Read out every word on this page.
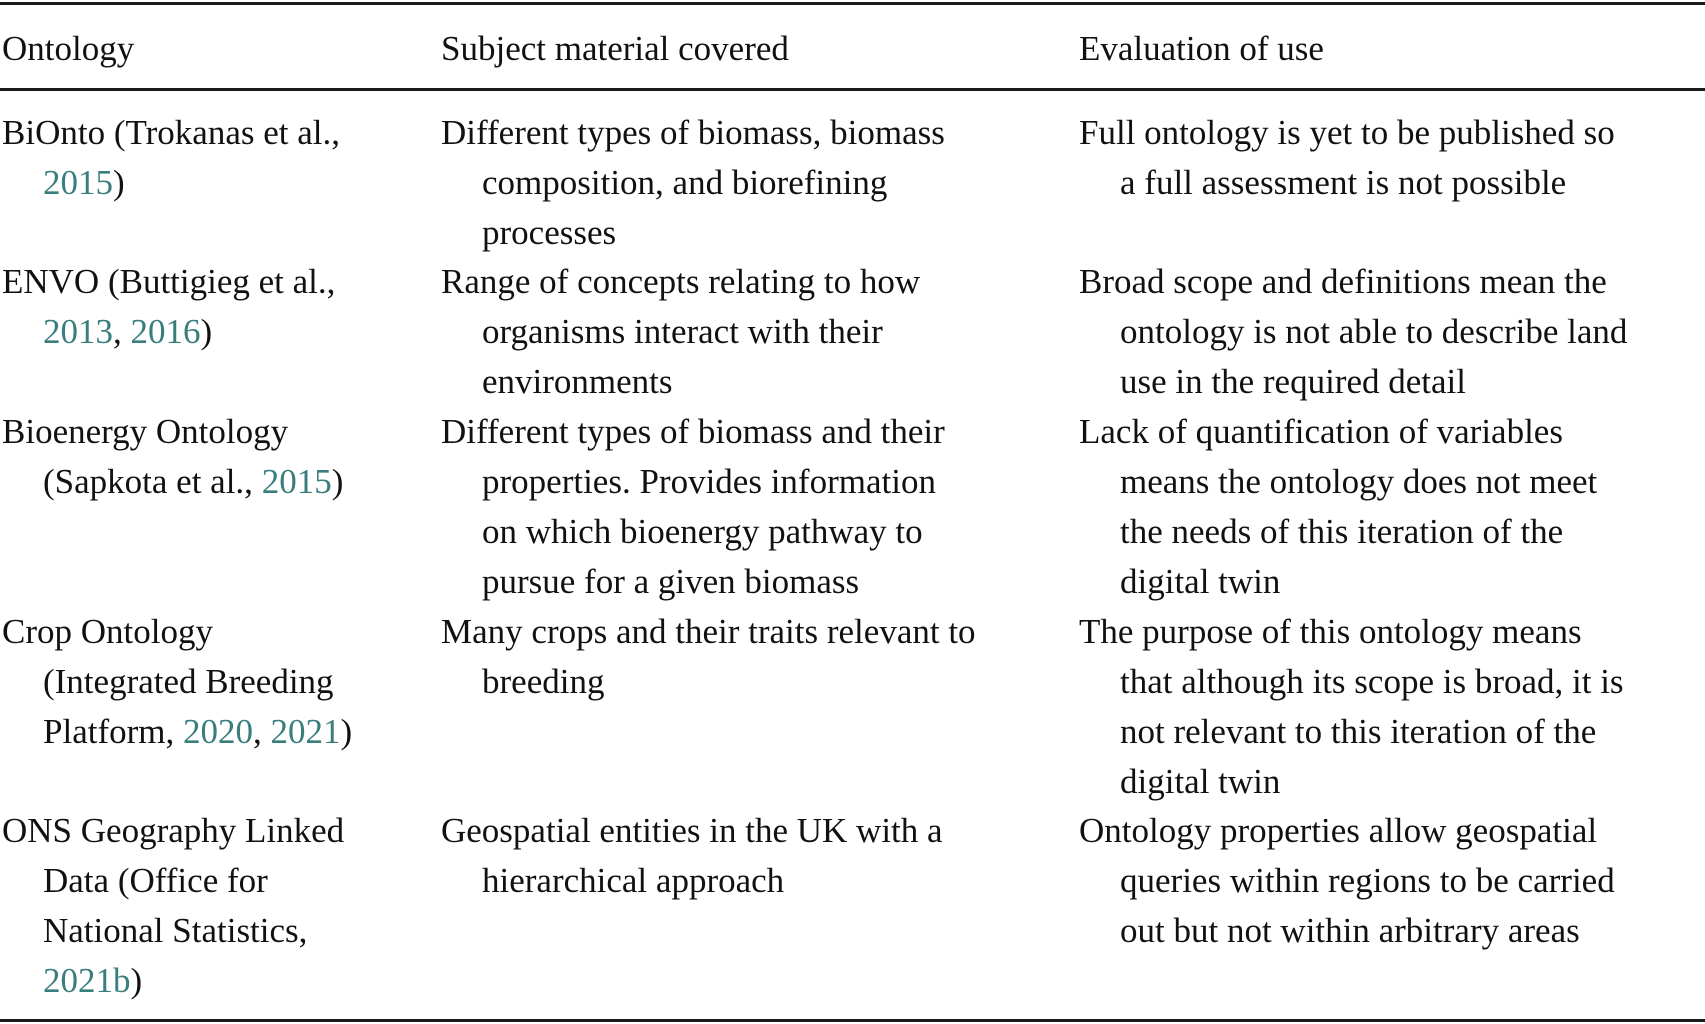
Ontology	Subject material covered	Evaluation of use
BiOnto (Trokanas et al.,
2015)
Different types of biomass, biomass
composition, and biorefining
processes
Full ontology is yet to be published so
a full assessment is not possible
ENVO (Buttigieg et al.,
2013, 2016)
Range of concepts relating to how
organisms interact with their
environments
Broad scope and definitions mean the
ontology is not able to describe land
use in the required detail
Bioenergy Ontology
(Sapkota et al., 2015)
Different types of biomass and their
properties. Provides information
on which bioenergy pathway to
pursue for a given biomass
Lack of quantification of variables
means the ontology does not meet
the needs of this iteration of the
digital twin
Crop Ontology
(Integrated Breeding
Platform, 2020, 2021)
Many crops and their traits relevant to
breeding
The purpose of this ontology means
that although its scope is broad, it is
not relevant to this iteration of the
digital twin
ONS Geography Linked
Data (Office for
National Statistics,
2021b)
Geospatial entities in the UK with a
hierarchical approach
Ontology properties allow geospatial
queries within regions to be carried
out but not within arbitrary areas
